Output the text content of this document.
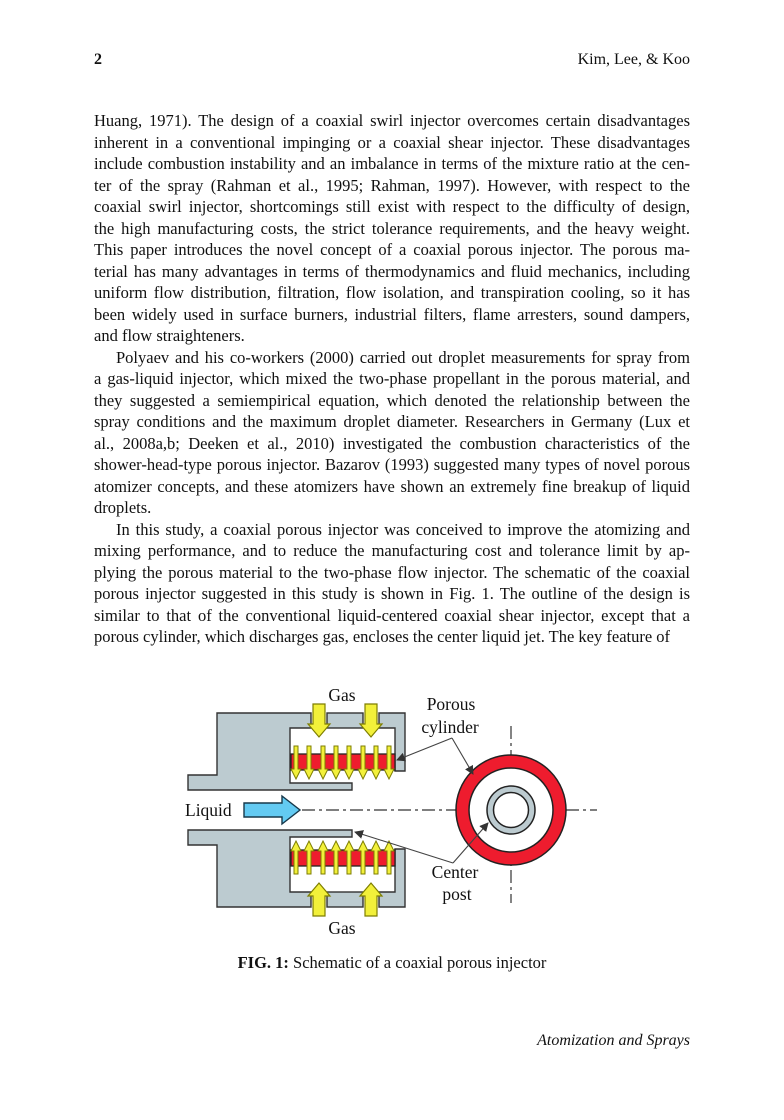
2	Kim, Lee, & Koo
Huang, 1971). The design of a coaxial swirl injector overcomes certain disadvantages
inherent in a conventional impinging or a coaxial shear injector. These disadvantages
include combustion instability and an imbalance in terms of the mixture ratio at the cen-
ter of the spray (Rahman et al., 1995; Rahman, 1997). However, with respect to the
coaxial swirl injector, shortcomings still exist with respect to the difficulty of design,
the high manufacturing costs, the strict tolerance requirements, and the heavy weight.
This paper introduces the novel concept of a coaxial porous injector. The porous ma-
terial has many advantages in terms of thermodynamics and fluid mechanics, including
uniform flow distribution, filtration, flow isolation, and transpiration cooling, so it has
been widely used in surface burners, industrial filters, flame arresters, sound dampers,
and flow straighteners.
Polyaev and his co-workers (2000) carried out droplet measurements for spray from
a gas-liquid injector, which mixed the two-phase propellant in the porous material, and
they suggested a semiempirical equation, which denoted the relationship between the
spray conditions and the maximum droplet diameter. Researchers in Germany (Lux et
al., 2008a,b; Deeken et al., 2010) investigated the combustion characteristics of the
shower-head-type porous injector. Bazarov (1993) suggested many types of novel porous
atomizer concepts, and these atomizers have shown an extremely fine breakup of liquid
droplets.
In this study, a coaxial porous injector was conceived to improve the atomizing and
mixing performance, and to reduce the manufacturing cost and tolerance limit by ap-
plying the porous material to the two-phase flow injector. The schematic of the coaxial
porous injector suggested in this study is shown in Fig. 1. The outline of the design is
similar to that of the conventional liquid-centered coaxial shear injector, except that a
porous cylinder, which discharges gas, encloses the center liquid jet. The key feature of
Gas
Gas
Liquid
Porous
cylinder
Center
post
FIG. 1: Schematic of a coaxial porous injector
Atomization and Sprays
